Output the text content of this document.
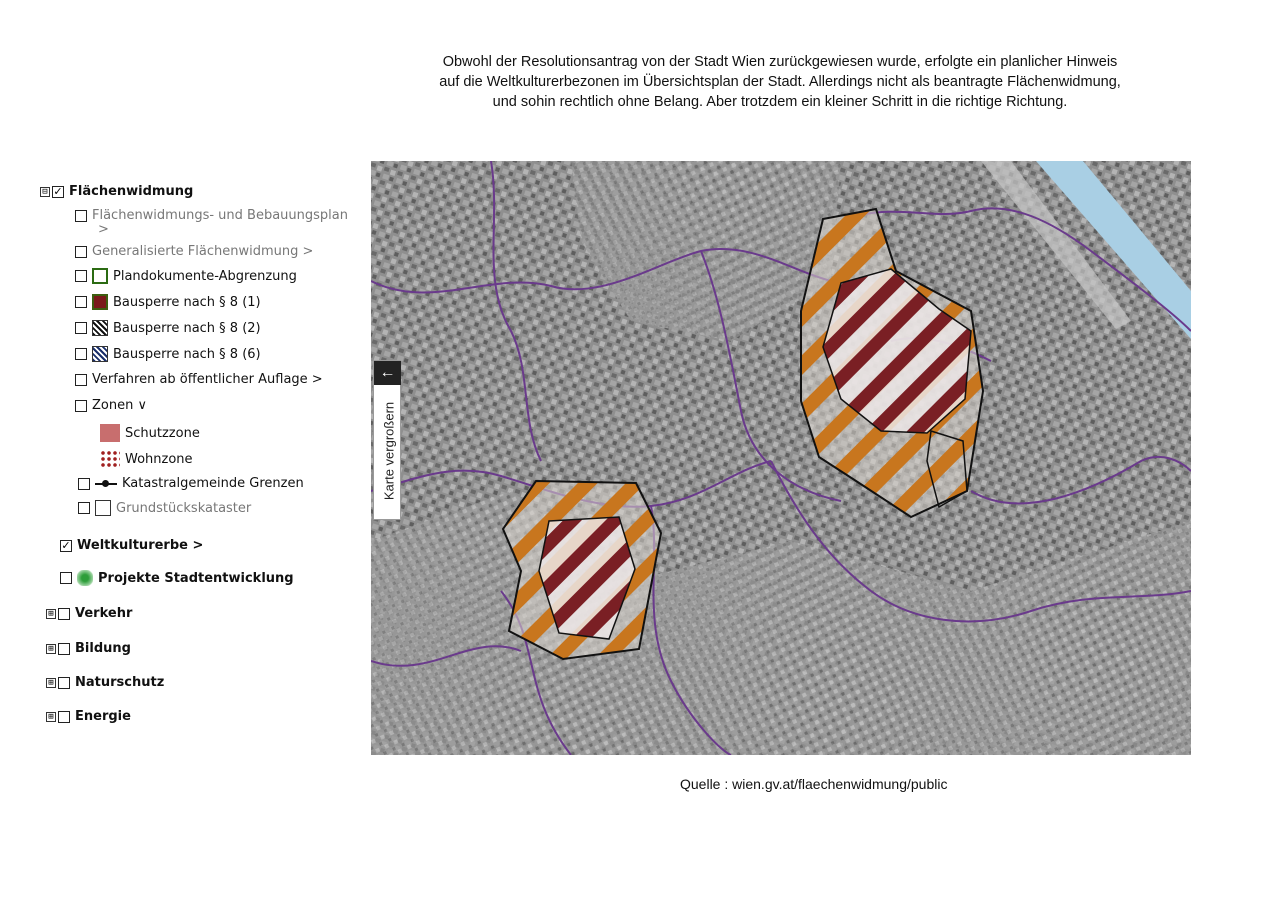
Obwohl der Resolutionsantrag von der Stadt Wien zurückgewiesen wurde, erfolgte ein planlicher Hinweis
auf die Weltkulturerbezonen im Übersichtsplan der Stadt. Allerdings nicht als beantragte Flächenwidmung,
und sohin rechtlich ohne Belang. Aber trotzdem ein kleiner Schritt in die richtige Richtung.
⊟ ✓ Flächenwidmung
Flächenwidmungs- und Bebauungsplan
>
Generalisierte Flächenwidmung >
Plandokumente-Abgrenzung
Bausperre nach § 8 (1)
Bausperre nach § 8 (2)
Bausperre nach § 8 (6)
Verfahren ab öffentlicher Auflage >
Zonen ∨
Schutzzone
Wohnzone
Katastralgemeinde Grenzen
Grundstückskataster
✓ Weltkulturerbe >
Projekte Stadtentwicklung
⊞ Verkehr
⊞ Bildung
⊞ Naturschutz
⊞ Energie
←
Karte vergroßern
Quelle : wien.gv.at/flaechenwidmung/public
